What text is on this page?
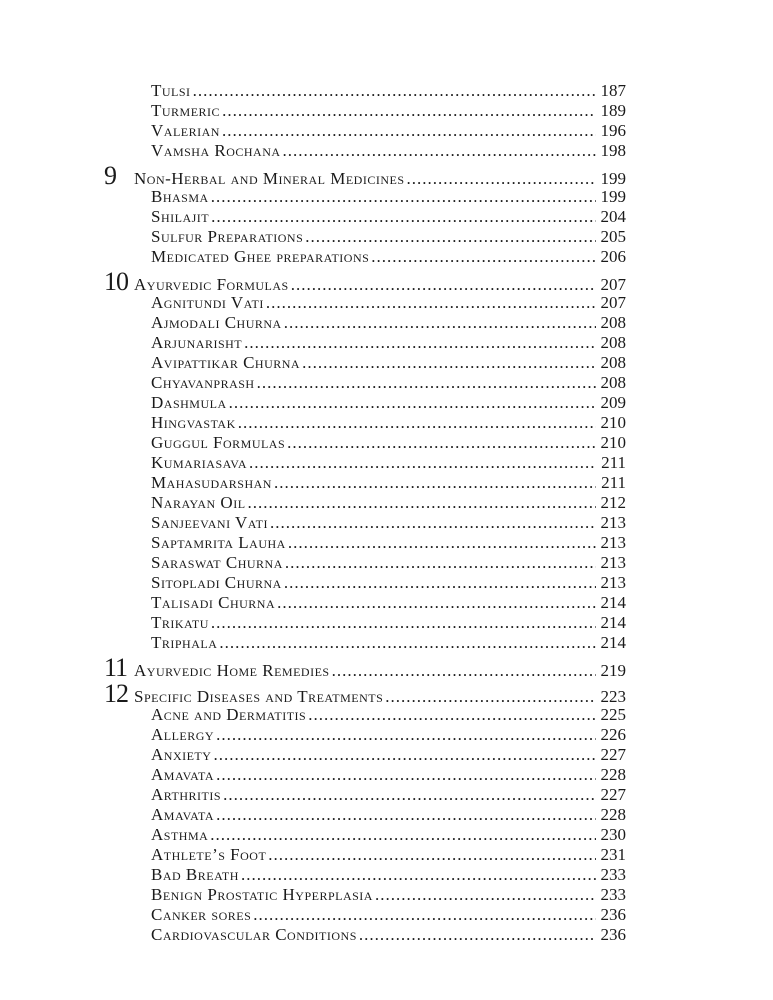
Tulsi .....	187
Turmeric .....	189
Valerian .....	196
Vamsha Rochana .....	198
9	Non-Herbal and Mineral Medicines .....	199
Bhasma .....	199
Shilajit .....	204
Sulfur Preparations .....	205
Medicated Ghee preparations .....	206
10 Ayurvedic Formulas .....	207
Agnitundi Vati .....	207
Ajmodali Churna .....	208
Arjunarisht .....	208
Avipattikar Churna .....	208
Chyavanprash .....	208
Dashmula .....	209
Hingvastak .....	210
Guggul Formulas .....	210
Kumariasava .....	211
Mahasudarshan .....	211
Narayan Oil .....	212
Sanjeevani Vati .....	213
Saptamrita Lauha .....	213
Saraswat Churna .....	213
Sitopladi Churna .....	213
Talisadi Churna .....	214
Trikatu .....	214
Triphala .....	214
11 Ayurvedic Home Remedies .....	219
12 Specific Diseases and Treatments .....	223
Acne and Dermatitis .....	225
Allergy .....	226
Anxiety .....	227
Amavata .....	228
Arthritis .....	227
Amavata .....	228
Asthma .....	230
Athlete’s Foot .....	231
Bad Breath .....	233
Benign Prostatic Hyperplasia .....	233
Canker sores .....	236
Cardiovascular Conditions .....	236
